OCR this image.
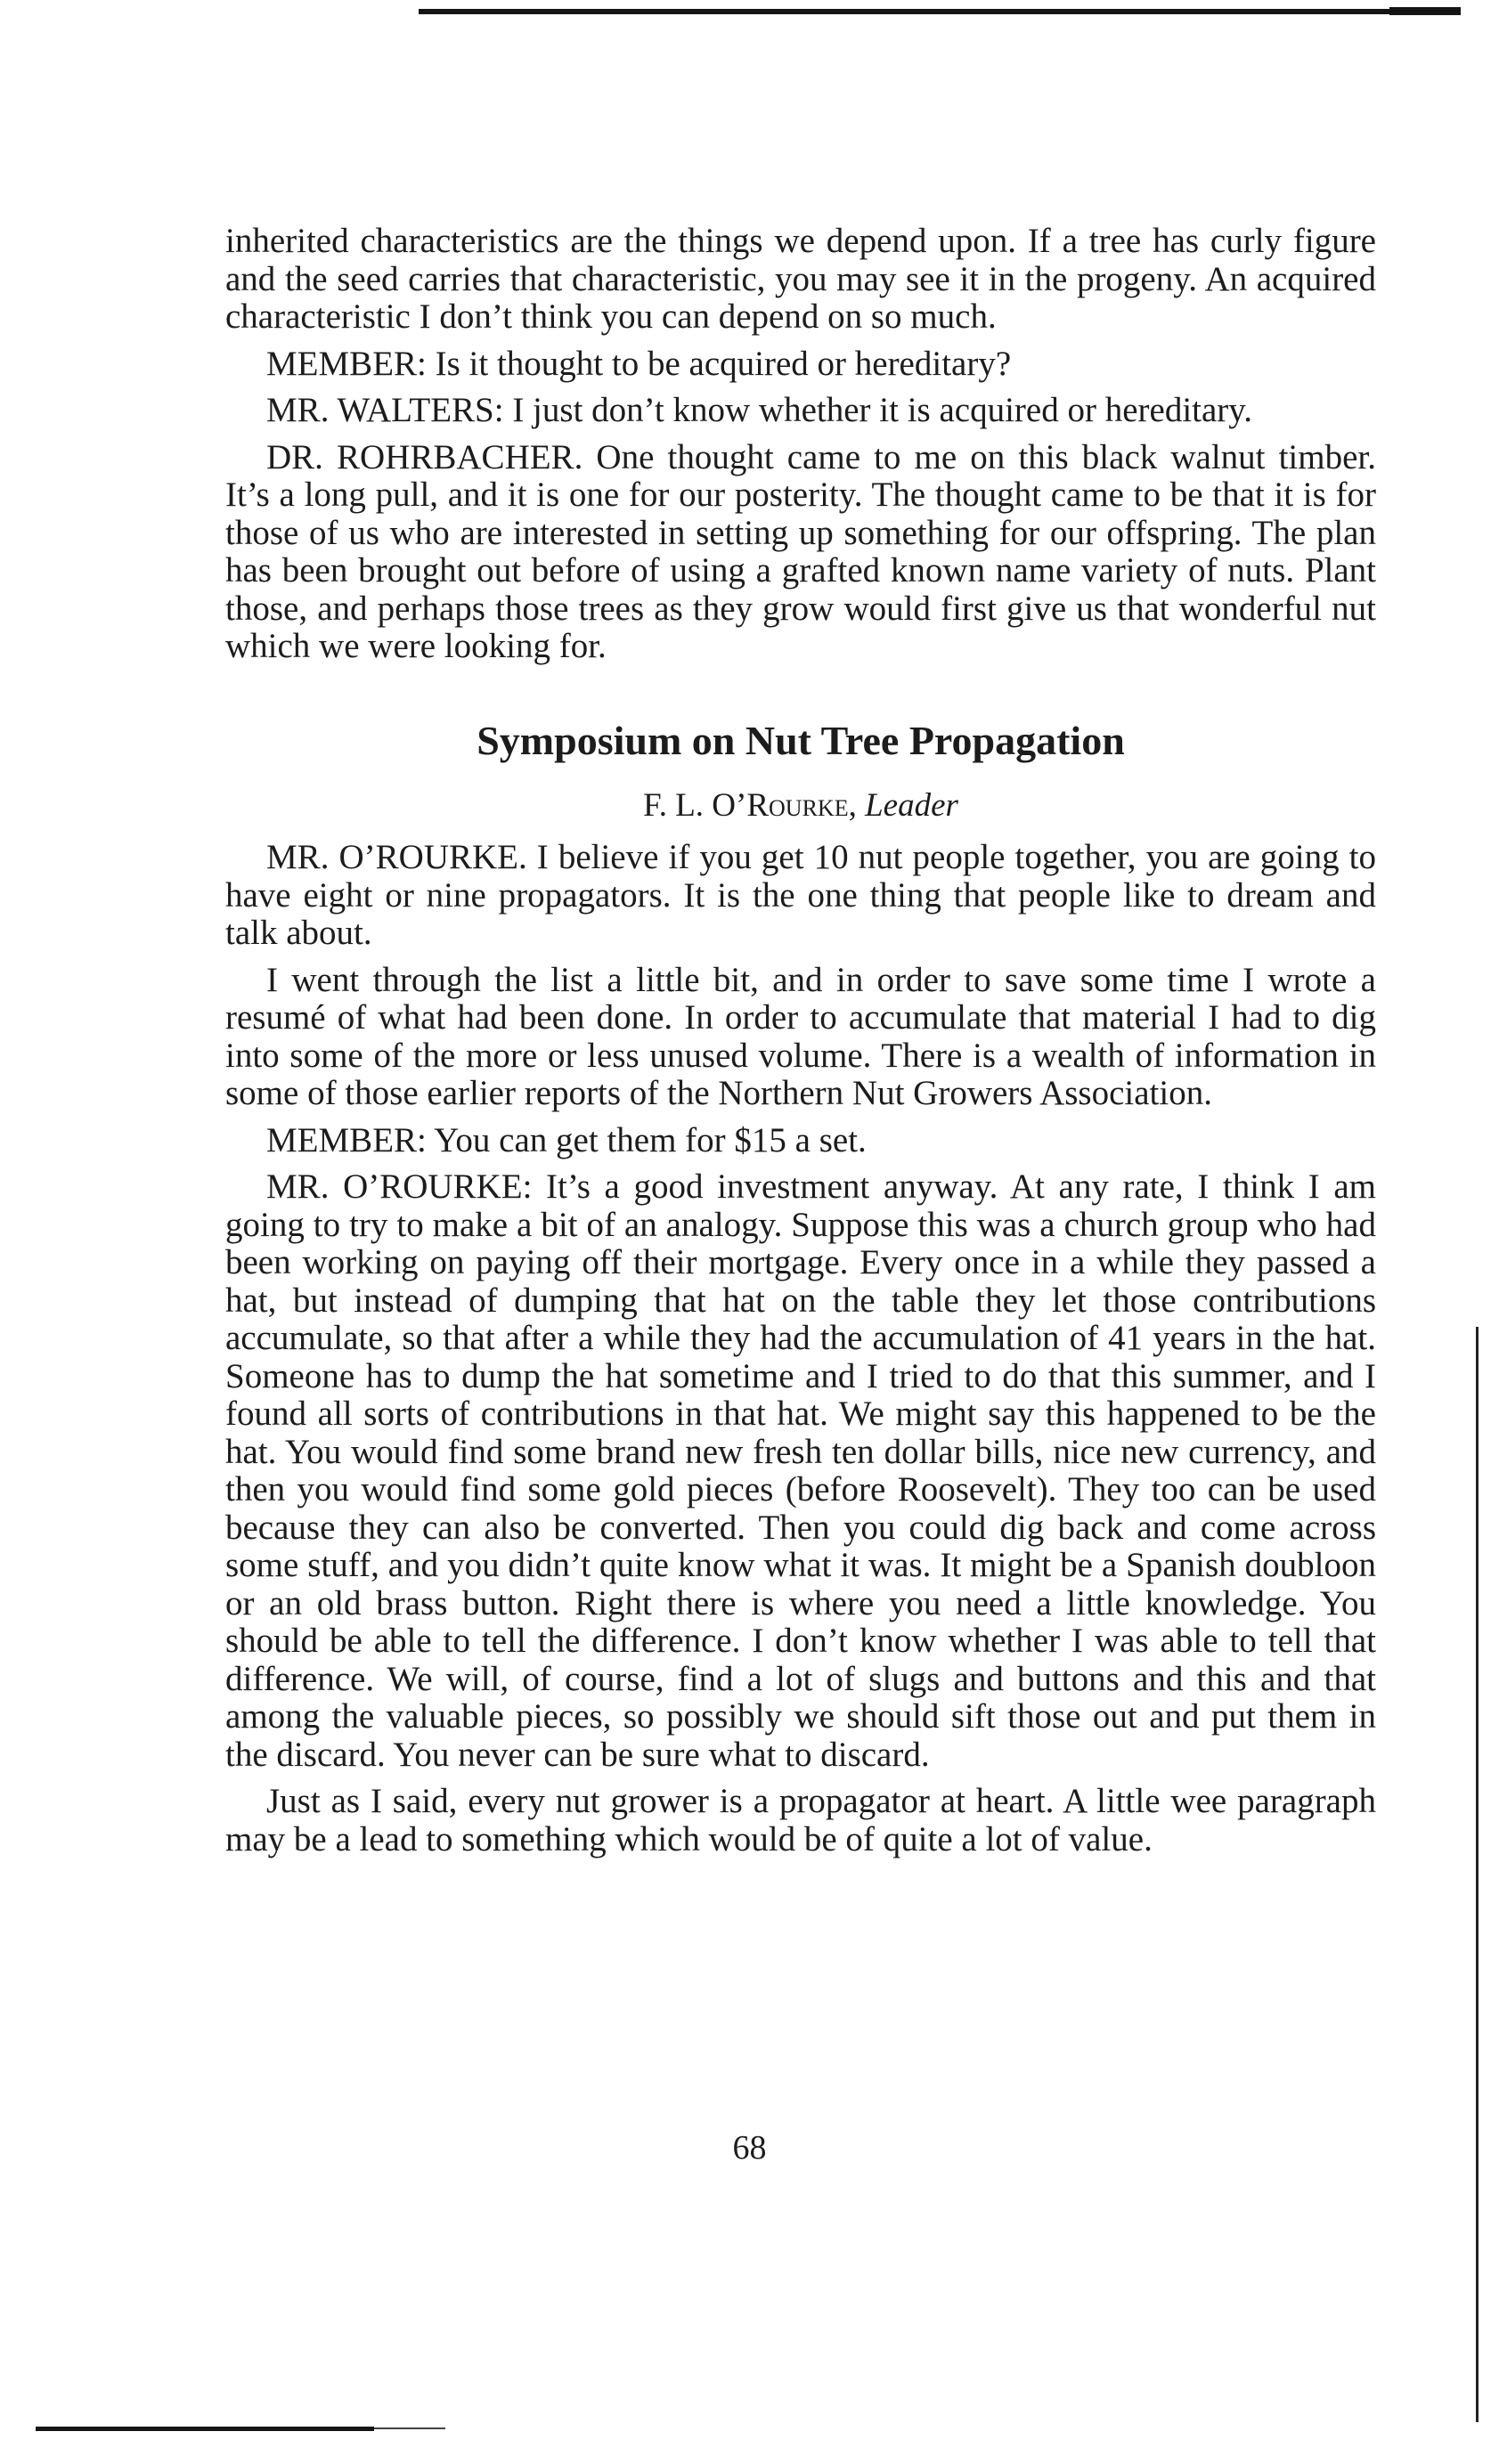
inherited characteristics are the things we depend upon. If a tree has curly figure and the seed carries that characteristic, you may see it in the progeny. An acquired characteristic I don’t think you can depend on so much.

MEMBER: Is it thought to be acquired or hereditary?

MR. WALTERS: I just don’t know whether it is acquired or hereditary.

DR. ROHRBACHER. One thought came to me on this black walnut timber. It’s a long pull, and it is one for our posterity. The thought came to be that it is for those of us who are interested in setting up something for our offspring. The plan has been brought out before of using a grafted known name variety of nuts. Plant those, and perhaps those trees as they grow would first give us that wonderful nut which we were looking for.

Symposium on Nut Tree Propagation
F. L. O’Rourke, Leader

MR. O’ROURKE. I believe if you get 10 nut people together, you are going to have eight or nine propagators. It is the one thing that people like to dream and talk about.

I went through the list a little bit, and in order to save some time I wrote a resumé of what had been done. In order to accumulate that material I had to dig into some of the more or less unused volume. There is a wealth of information in some of those earlier reports of the Northern Nut Growers Association.

MEMBER: You can get them for $15 a set.

MR. O’ROURKE: It’s a good investment anyway. At any rate, I think I am going to try to make a bit of an analogy. Suppose this was a church group who had been working on paying off their mortgage. Every once in a while they passed a hat, but instead of dumping that hat on the table they let those contributions accumulate, so that after a while they had the accumulation of 41 years in the hat. Someone has to dump the hat sometime and I tried to do that this summer, and I found all sorts of contributions in that hat. We might say this happened to be the hat. You would find some brand new fresh ten dollar bills, nice new currency, and then you would find some gold pieces (before Roosevelt). They too can be used because they can also be converted. Then you could dig back and come across some stuff, and you didn’t quite know what it was. It might be a Spanish doubloon or an old brass button. Right there is where you need a little knowledge. You should be able to tell the difference. I don’t know whether I was able to tell that difference. We will, of course, find a lot of slugs and buttons and this and that among the valuable pieces, so possibly we should sift those out and put them in the discard. You never can be sure what to discard.

Just as I said, every nut grower is a propagator at heart. A little wee paragraph may be a lead to something which would be of quite a lot of value.

68
